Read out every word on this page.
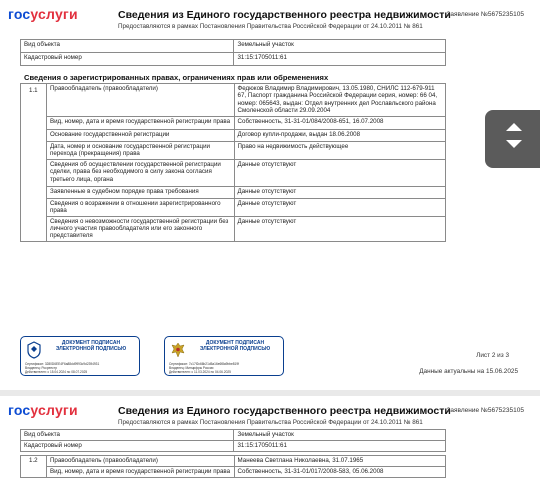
госуслуги	Сведения из Единого государственного реестра недвижимости
Предоставляются в рамках Постановления Правительства Российской Федерации от 24.10.2011 № 861
Заявление №5675235105
Вид объекта	Земельный участок
Кадастровый номер	31:15:1705011:61
Сведения о зарегистрированных правах, ограничениях прав или обременениях
1.1	Правообладатель (правообладатели)	Федюков Владимир Владимирович, 13.05.1980, СНИЛС 112-679-911 67, Паспорт гражданина Российской Федерации серия, номер: 66 04, номер: 065643, выдан: Отдел внутренних дел Рославльского района Смоленской области 29.09.2004
	Вид, номер, дата и время государственной регистрации права	Собственность, 31-31-01/084/2008-651, 16.07.2008
	Основание государственной регистрации	Договор купли-продажи, выдан 18.06.2008
	Дата, номер и основание государственной регистрации перехода (прекращения) права	Право на недвижимость действующее
	Сведения об осуществлении государственной регистрации сделки, права без необходимого в силу закона согласия третьего лица, органа	Данные отсутствуют
	Заявленные в судебном порядке права требования	Данные отсутствуют
	Сведения о возражении в отношении зарегистрированного права	Данные отсутствуют
	Сведения о невозможности государственной регистрации без личного участия правообладателя или его законного представителя	Данные отсутствуют
ДОКУМЕНТ ПОДПИСАН ЭЛЕКТРОННОЙ ПОДПИСЬЮ
Сертификат: 3280D6EE4F6a88dd9993c9d2394931
Владелец: Росреестр
Действителен: с 15.04.2024 по 08.07.2025
ДОКУМЕНТ ПОДПИСАН ЭЛЕКТРОННОЙ ПОДПИСЬЮ
Сертификат: 7c17f2c66b21d5a16e6f8a9bbe819f
Владелец: Минцифры России
Действителен: с 11.03.2024 по 04.06.2025
Лист 2 из 3
Данные актуальны на 15.06.2025
госуслуги	Сведения из Единого государственного реестра недвижимости
Предоставляются в рамках Постановления Правительства Российской Федерации от 24.10.2011 № 861
Заявление №5675235105
Вид объекта	Земельный участок
Кадастровый номер	31:15:1705011:61
1.2	Правообладатель (правообладатели)	Манеева Светлана Николаевна, 31.07.1965
	Вид, номер, дата и время государственной регистрации права	Собственность, 31-31-01/017/2008-583, 05.06.2008
